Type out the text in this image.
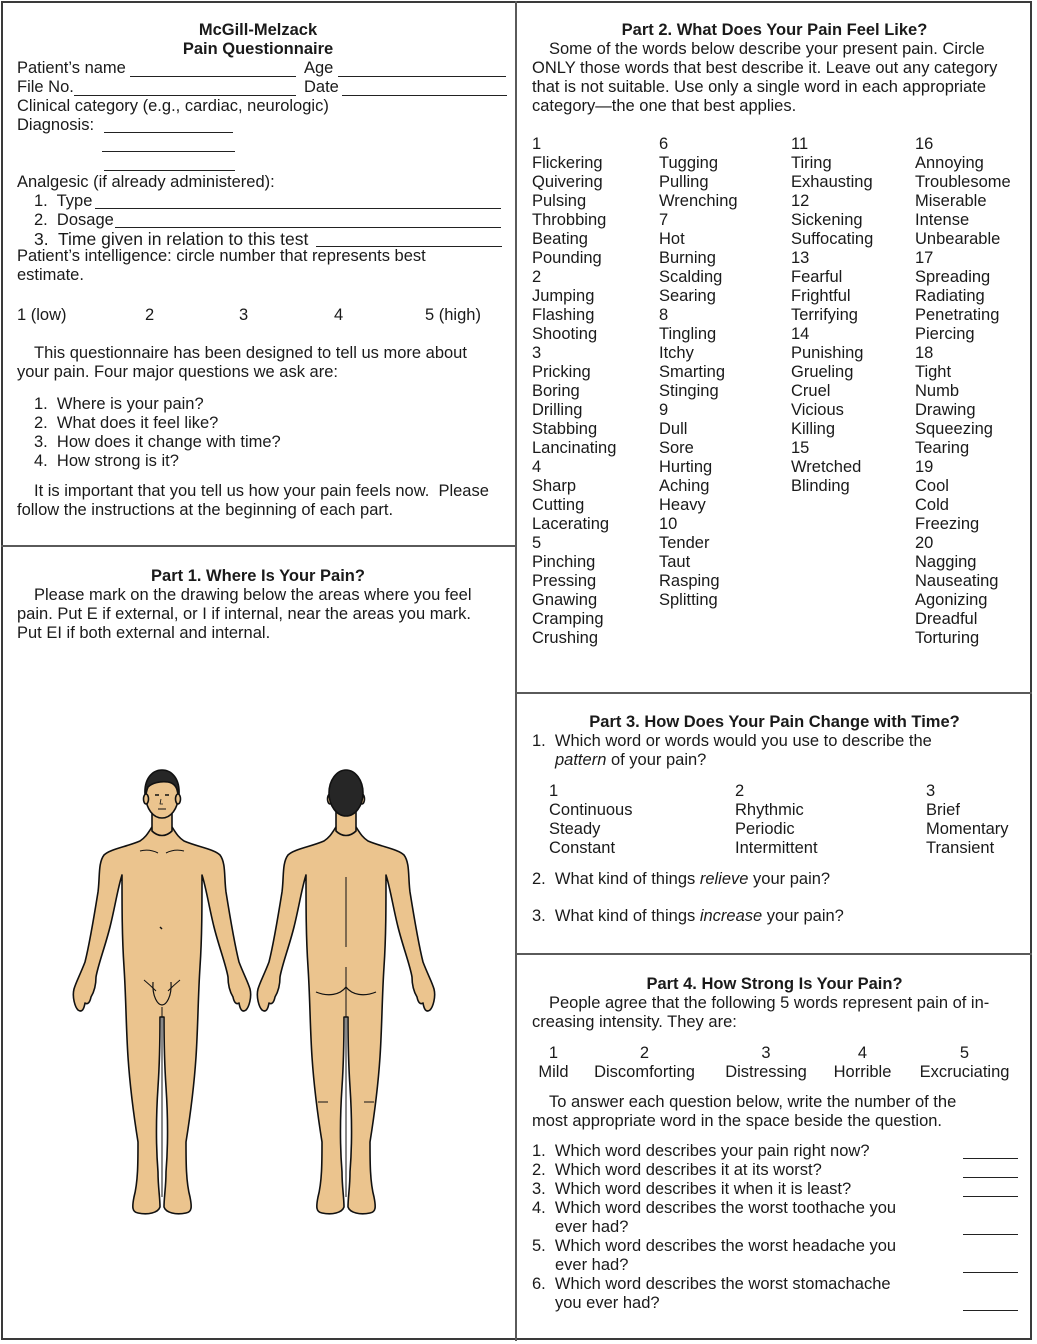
McGill-Melzack
Pain Questionnaire
Patient’s name	Age
File No.	Date
Clinical category (e.g., cardiac, neurologic)
Diagnosis:
Analgesic (if already administered):
1.  Type
2.  Dosage
3.  Time given in relation to this test
Patient’s intelligence: circle number that represents best
estimate.
1 (low)	2	3	4	5 (high)
This questionnaire has been designed to tell us more about
your pain. Four major questions we ask are:
1.  Where is your pain?
2.  What does it feel like?
3.  How does it change with time?
4.  How strong is it?
It is important that you tell us how your pain feels now.  Please
follow the instructions at the beginning of each part.
Part 1. Where Is Your Pain?
Please mark on the drawing below the areas where you feel
pain. Put E if external, or I if internal, near the areas you mark.
Put EI if both external and internal.
Part 2. What Does Your Pain Feel Like?
Some of the words below describe your present pain. Circle
ONLY those words that best describe it. Leave out any category
that is not suitable. Use only a single word in each appropriate
category—the one that best applies.
1
Flickering
Quivering
Pulsing
Throbbing
Beating
Pounding
2
Jumping
Flashing
Shooting
3
Pricking
Boring
Drilling
Stabbing
Lancinating
4
Sharp
Cutting
Lacerating
5
Pinching
Pressing
Gnawing
Cramping
Crushing
6
Tugging
Pulling
Wrenching
7
Hot
Burning
Scalding
Searing
8
Tingling
Itchy
Smarting
Stinging
9
Dull
Sore
Hurting
Aching
Heavy
10
Tender
Taut
Rasping
Splitting
11
Tiring
Exhausting
12
Sickening
Suffocating
13
Fearful
Frightful
Terrifying
14
Punishing
Grueling
Cruel
Vicious
Killing
15
Wretched
Blinding
16
Annoying
Troublesome
Miserable
Intense
Unbearable
17
Spreading
Radiating
Penetrating
Piercing
18
Tight
Numb
Drawing
Squeezing
Tearing
19
Cool
Cold
Freezing
20
Nagging
Nauseating
Agonizing
Dreadful
Torturing
Part 3. How Does Your Pain Change with Time?
1.  Which word or words would you use to describe the
pattern of your pain?
1
Continuous
Steady
Constant
2
Rhythmic
Periodic
Intermittent
3
Brief
Momentary
Transient
2.  What kind of things relieve your pain?
3.  What kind of things increase your pain?
Part 4. How Strong Is Your Pain?
People agree that the following 5 words represent pain of in-
creasing intensity. They are:
1
Mild
2
Discomforting
3
Distressing
4
Horrible
5
Excruciating
To answer each question below, write the number of the
most appropriate word in the space beside the question.
1.  Which word describes your pain right now?
2.  Which word describes it at its worst?
3.  Which word describes it when it is least?
4.  Which word describes the worst toothache you
ever had?
5.  Which word describes the worst headache you
ever had?
6.  Which word describes the worst stomachache
you ever had?
